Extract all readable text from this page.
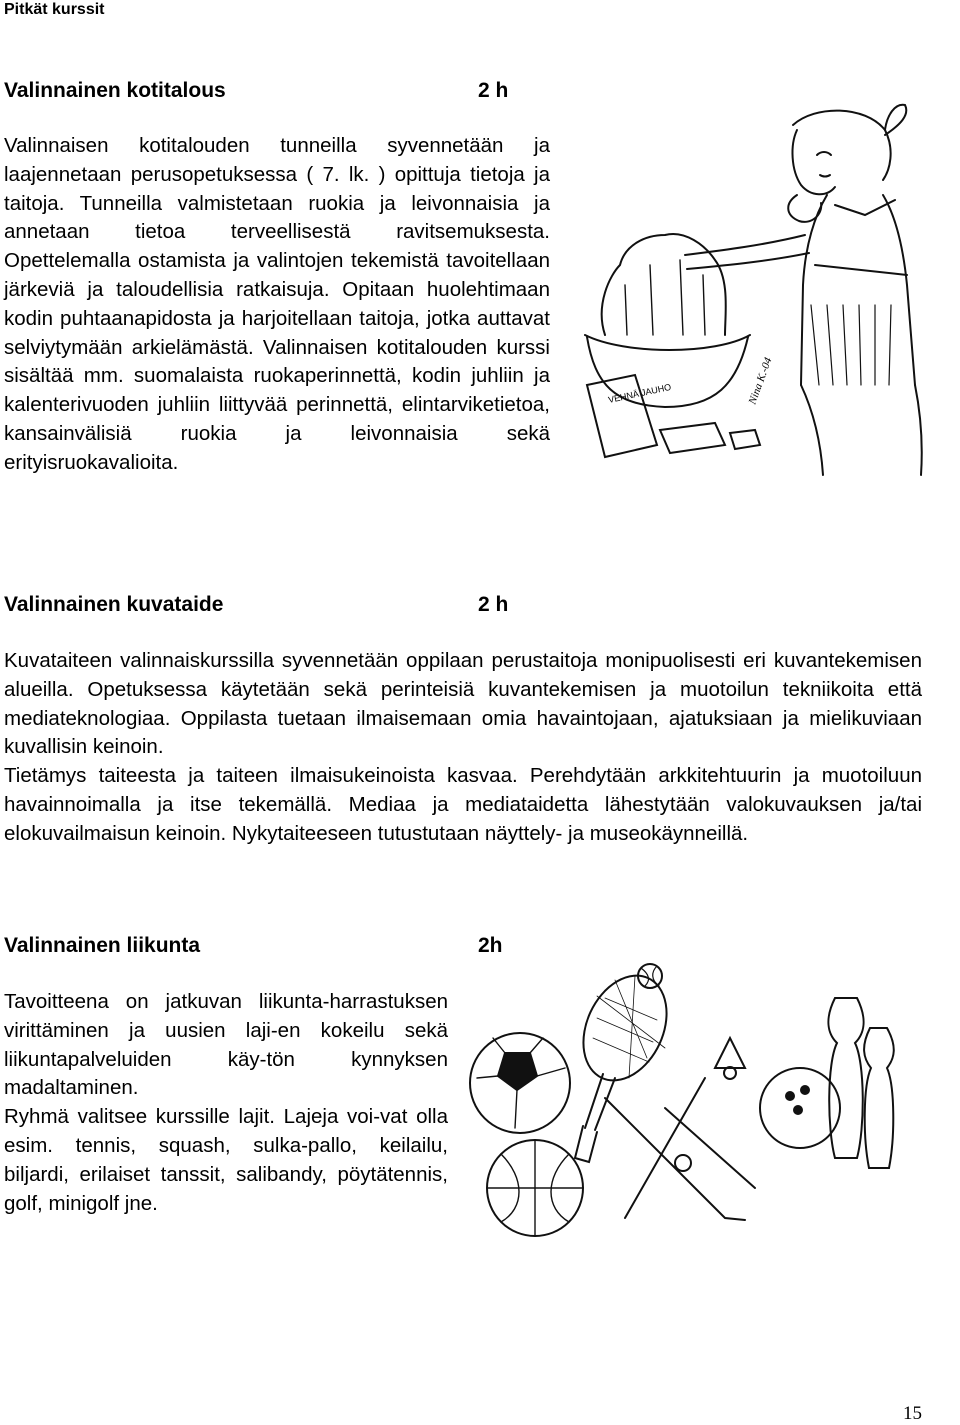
Pitkät kurssit
Valinnainen kotitalous	2 h

Valinnaisen kotitalouden tunneilla syvennetään ja laajennetaan perusopetuksessa ( 7. lk. ) opittuja tietoja ja taitoja. Tunneilla valmistetaan ruokia ja leivonnaisia ja annetaan tietoa terveellisestä ravitsemuksesta. Opettelemalla ostamista ja valintojen tekemistä tavoitellaan järkeviä ja taloudellisia ratkaisuja. Opitaan huolehtimaan kodin puhtaanapidosta ja harjoitellaan taitoja, jotka auttavat selviytymään arkielämästä. Valinnaisen kotitalouden kurssi sisältää mm. suomalaista ruokaperinnettä, kodin juhliin ja kalenterivuoden juhliin liittyvää perinnettä, elintarviketietoa, kansainvälisiä ruokia ja leivonnaisia sekä erityisruokavalioita.

VEHNÄ JAUHO	Nina K.-04
Valinnainen kuvataide	2 h
Kuvataiteen valinnaiskurssilla syvennetään oppilaan perustaitoja monipuolisesti eri kuvantekemisen alueilla. Opetuksessa käytetään sekä perinteisiä kuvantekemisen ja muotoilun tekniikoita että mediateknologiaa. Oppilasta tuetaan ilmaisemaan omia havaintojaan, ajatuksiaan ja mielikuviaan kuvallisin keinoin.
Tietämys taiteesta ja taiteen ilmaisukeinoista kasvaa. Perehdytään arkkitehtuurin ja muotoiluun havainnoimalla ja itse tekemällä. Mediaa ja mediataidetta lähestytään valokuvauksen ja/tai elokuvailmaisun keinoin. Nykytaiteeseen tutustutaan näyttely- ja museokäynneillä.
Valinnainen liikunta	2h
Tavoitteena on jatkuvan liikunta-harrastuksen virittäminen ja uusien laji-en kokeilu sekä liikuntapalveluiden käy-tön kynnyksen madaltaminen.
Ryhmä valitsee kurssille lajit. Lajeja voi-vat olla esim. tennis, squash, sulka-pallo, keilailu, biljardi, erilaiset tanssit, salibandy, pöytätennis, golf, minigolf jne.
15
